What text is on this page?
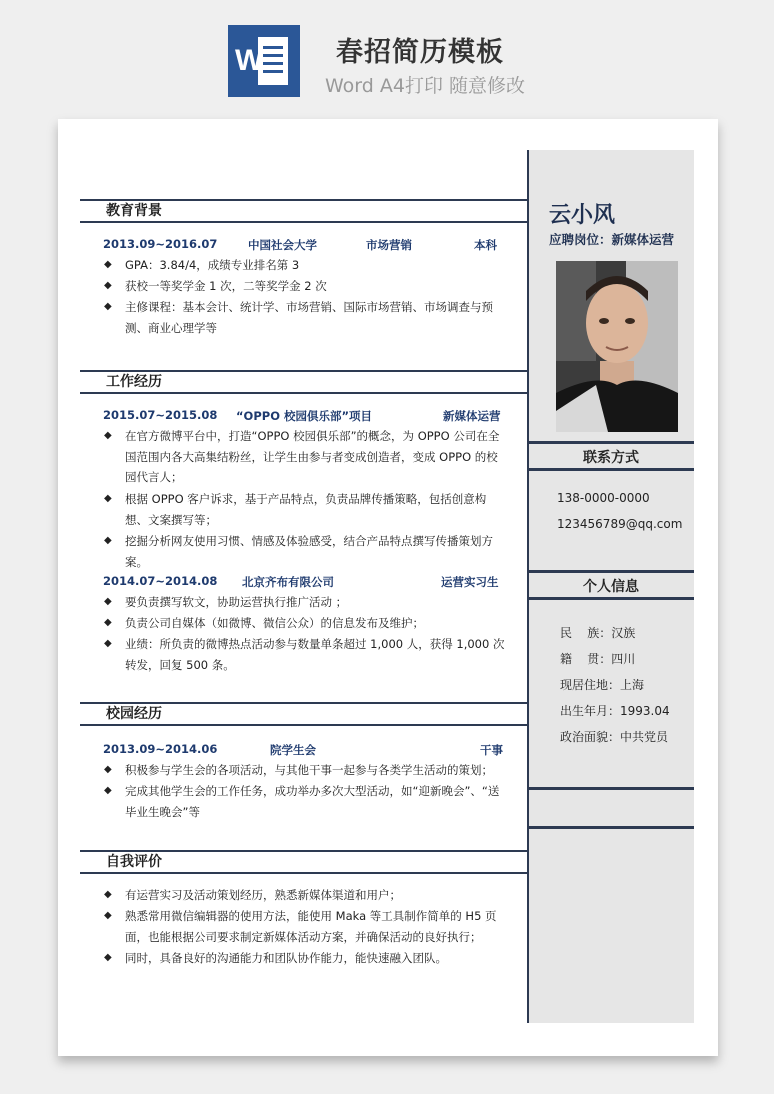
W	春招简历模板
Word A4打印 随意修改
教育背景
2013.09~2016.07	中国社会大学	市场营销	本科
◆	GPA：3.84/4，成绩专业排名第 3
◆	获校一等奖学金 1 次，二等奖学金 2 次
◆	主修课程：基本会计、统计学、市场营销、国际市场营销、市场调查与预测、商业心理学等
工作经历
2015.07~2015.08 “OPPO 校园俱乐部”项目	新媒体运营
◆	在官方微博平台中，打造“OPPO 校园俱乐部”的概念，为 OPPO 公司在全国范围内各大高集结粉丝，让学生由参与者变成创造者，变成 OPPO 的校园代言人；
◆	根据 OPPO 客户诉求，基于产品特点，负责品牌传播策略，包括创意构想、文案撰写等；
◆	挖掘分析网友使用习惯、情感及体验感受，结合产品特点撰写传播策划方案。
2014.07~2014.08 北京齐布有限公司	运营实习生
◆	要负责撰写软文，协助运营执行推广活动 ；
◆	负责公司自媒体（如微博、微信公众）的信息发布及维护；
◆	业绩：所负责的微博热点活动参与数量单条超过 1,000 人，获得 1,000 次转发，回复 500 条。
校园经历
2013.09~2014.06	院学生会	干事
◆	积极参与学生会的各项活动，与其他干事一起参与各类学生活动的策划；
◆	完成其他学生会的工作任务，成功举办多次大型活动，如“迎新晚会”、“送毕业生晚会”等
自我评价
◆	有运营实习及活动策划经历，熟悉新媒体渠道和用户；
◆	熟悉常用微信编辑器的使用方法，能使用 Maka 等工具制作简单的 H5 页面，也能根据公司要求制定新媒体活动方案，并确保活动的良好执行；
◆	同时，具备良好的沟通能力和团队协作能力，能快速融入团队。
云小风
应聘岗位：新媒体运营
联系方式
138-0000-0000
123456789@qq.com
个人信息
民    族：汉族
籍    贯：四川
现居住地：上海
出生年月：1993.04
政治面貌：中共党员
